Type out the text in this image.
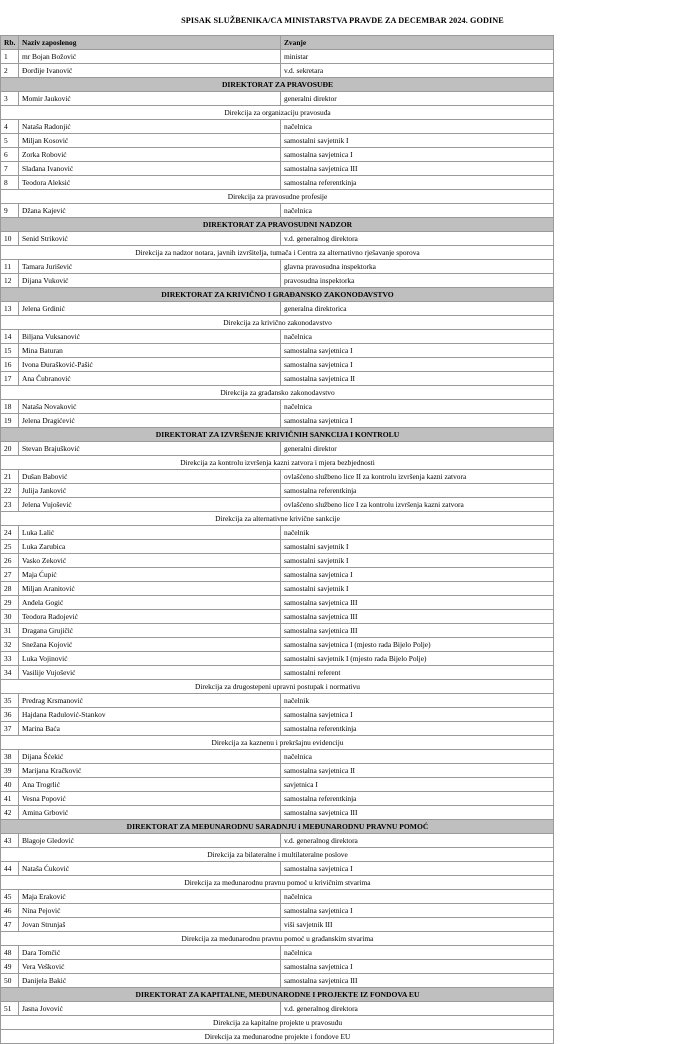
SPISAK SLUŽBENIKA/CA MINISTARSTVA PRAVDE ZA DECEMBAR 2024. GODINE
Rb.	Naziv zaposlenog	Zvanje
1	mr Bojan Božović	ministar
2	Đorđije Ivanović	v.d. sekretara
DIREKTORAT ZA PRAVOSUĐE		
3	Momir Jauković	generalni direktor
Direkcija za organizaciju pravosuđa		
4	Nataša Radonjić	načelnica
5	Miljan Kosović	samostalni savjetnik I
6	Zorka Robović	samostalna savjetnica I
7	Slađana Ivanović	samostalna savjetnica III
8	Teodora Aleksić	samostalna referentkinja
Direkcija za pravosudne profesije		
9	Džana Kajević	načelnica
DIREKTORAT ZA PRAVOSUDNI NADZOR		
10	Senid Striković	v.d. generalnog direktora
Direkcija za nadzor notara, javnih izvršitelja, tumača i Centra za alternativno rješavanje sporova		
11	Tamara Jurišević	glavna pravosudna inspektorka
12	Dijana Vuković	pravosudna inspektorka
DIREKTORAT ZA KRIVIČNO I GRAĐANSKO ZAKONODAVSTVO		
13	Jelena Grdinić	generalna direktorica
Direkcija za krivično zakonodavstvo		
14	Biljana Vuksanović	načelnica
15	Mina Baturan	samostalna savjetnica I
16	Ivona Đurašković-Pašić	samostalna savjetnica I
17	Ana Čubranović	samostalna savjetnica II
Direkcija za građansko zakonodavstvo		
18	Nataša Novaković	načelnica
19	Jelena Dragićević	samostalna savjetnica I
DIREKTORAT ZA IZVRŠENJE KRIVIČNIH SANKCIJA I KONTROLU		
20	Stevan Brajušković	generalni direktor
Direkcija za kontrolu izvršenja kazni zatvora i mjera bezbjednosti		
21	Dušan Babović	ovlašćeno službeno lice II za kontrolu izvršenja kazni zatvora
22	Julija Janković	samostalna referentkinja
23	Jelena Vujošević	ovlašćeno službeno lice I za kontrolu izvršenja kazni zatvora
Direkcija za alternativne krivične sankcije		
24	Luka Lalić	načelnik
25	Luka Zarubica	samostalni savjetnik I
26	Vasko Zeković	samostalni savjetnik I
27	Maja Ćupić	samostalna savjetnica I
28	Miljan Aranitović	samostalni savjetnik I
29	Anđela Gogić	samostalna savjetnica III
30	Teodora Radojević	samostalna savjetnica III
31	Dragana Grujičić	samostalna savjetnica III
32	Snežana Kojović	samostalna savjetnica I (mjesto rada Bijelo Polje)
33	Luka Vojinović	samostalni savjetnik I (mjesto rada Bijelo Polje)
34	Vasilije Vujošević	samostalni referent
Direkcija za drugostepeni upravni postupak i normativu		
35	Predrag Krsmanović	načelnik
36	Hajdana Radulović-Stankov	samostalna savjetnica I
37	Marina Baća	samostalna referentkinja
Direkcija za kaznenu i prekršajnu evidenciju		
38	Dijana Šćekić	načelnica
39	Marijana Kračković	samostalna savjetnica II
40	Ana Trogrlić	savjetnica I
41	Vesna Popović	samostalna referentkinja
42	Amina Grbović	samostalna savjetnica III
DIREKTORAT ZA MEĐUNARODNU SARADNJU i MEĐUNARODNU PRAVNU POMOĆ		
43	Blagoje Gledović	v.d. generalnog direktora
Direkcija za bilateralne i multilateralne poslove		
44	Nataša Ćuković	samostalna savjetnica I
Direkcija za međunarodnu pravnu pomoć u krivičnim stvarima		
45	Maja Eraković	načelnica
46	Nina Pejović	samostalna savjetnica I
47	Jovan Strunjaš	viši savjetnik III
Direkcija za međunarodnu pravnu pomoć u građanskim stvarima		
48	Dara Tomčić	načelnica
49	Vera Vešković	samostalna savjetnica I
50	Danijela Bakić	samostalna savjetnica III
DIREKTORAT ZA KAPITALNE, MEĐUNARODNE I PROJEKTE IZ FONDOVA EU		
51	Jasna Jovović	v.d. generalnog direktora
Direkcija za kapitalne projekte u pravosuđu		
Direkcija za međunarodne projekte i fondove EU		
